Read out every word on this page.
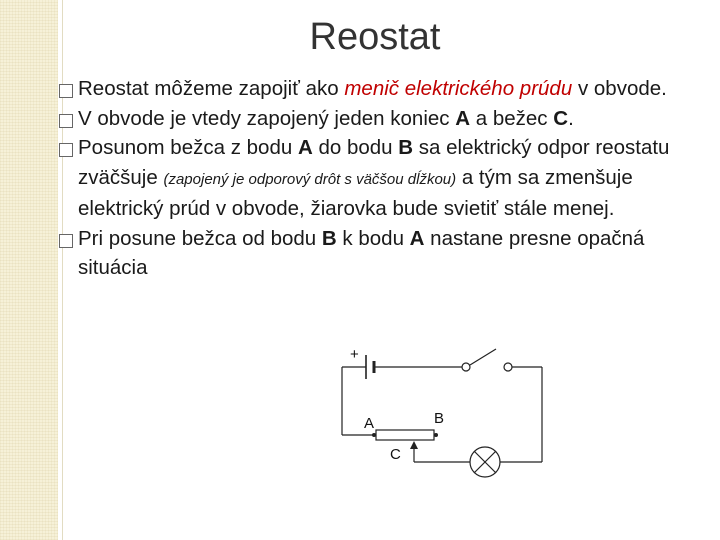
Reostat
Reostat môžeme zapojiť ako menič elektrického prúdu v obvode.
V obvode je vtedy zapojený jeden koniec A a bežec C.
Posunom bežca z bodu A do bodu B sa elektrický odpor reostatu zväčšuje (zapojený je odporový drôt s väčšou dĺžkou) a tým sa zmenšuje elektrický prúd v obvode, žiarovka bude svietiť stále menej.
Pri posune bežca od bodu B k bodu A nastane presne opačná situácia
+
A	B
C
